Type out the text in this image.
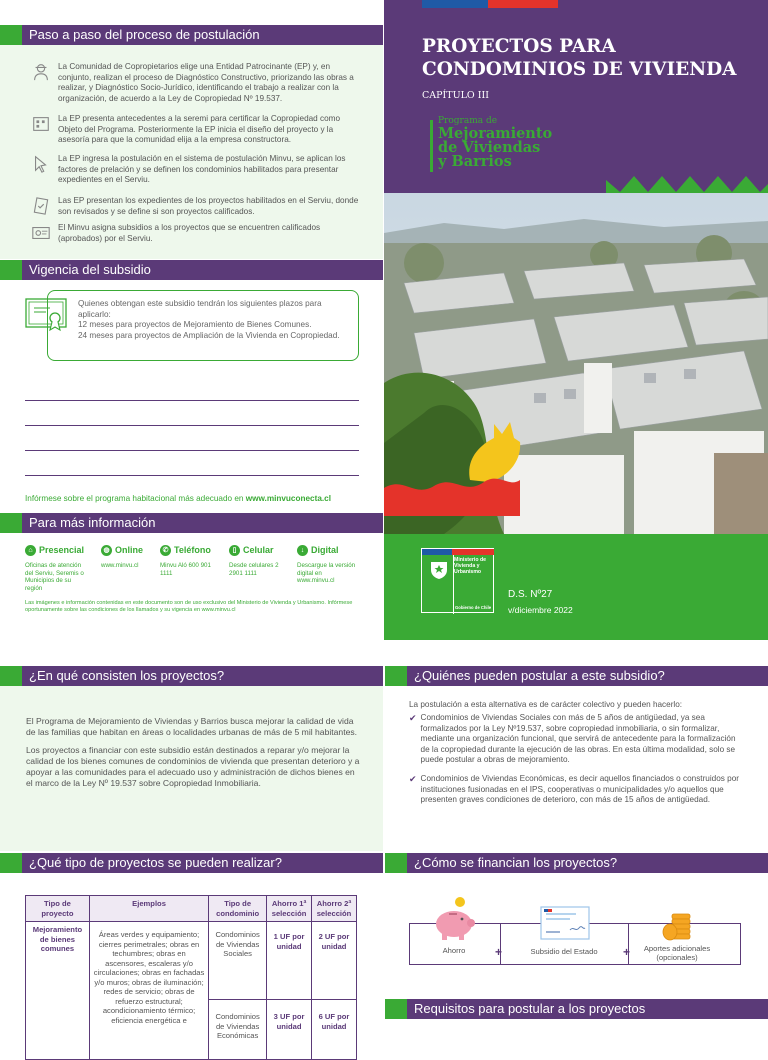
Paso a paso del proceso de postulación

La Comunidad de Copropietarios elige una Entidad Patrocinante (EP) y, en conjunto, realizan el proceso de Diagnóstico Constructivo, priorizando las obras a realizar, y Diagnóstico Socio-Jurídico, identificando el trabajo a realizar con la organización, de acuerdo a la Ley de Copropiedad Nº 19.537.

La EP presenta antecedentes a la seremi para certificar la Copropiedad como Objeto del Programa. Posteriormente la EP inicia el diseño del proyecto y la asesoría para que la comunidad elija a la empresa constructora.

La EP ingresa la postulación en el sistema de postulación Minvu, se aplican los factores de prelación y se definen los condominios habilitados para presentar expedientes en el Serviu.

Las EP presentan los expedientes de los proyectos habilitados en el Serviu, donde son revisados y se define si son proyectos calificados.

El Minvu asigna subsidios a los proyectos que se encuentren calificados (aprobados) por el Serviu.

Vigencia del subsidio

Quienes obtengan este subsidio tendrán los siguientes plazos para aplicarlo:

12 meses para proyectos de Mejoramiento de Bienes Comunes.

24 meses para proyectos de Ampliación de la Vivienda en Copropiedad.

Infórmese sobre el programa habitacional más adecuado en www.minvuconecta.cl

Para más información
⌂ Presencial

Oficinas de atención del Serviu, Seremis o Municipios de su región

◍ Online

www.minvu.cl

✆ Teléfono

Minvu Aló 600 901 1111

▯ Celular

Desde celulares 2 2901 1111

↓ Digital

Descargue la versión digital en www.minvu.cl

Las imágenes e información contenidas en este documento son de uso exclusivo del Ministerio de Vivienda y Urbanismo. Infórmese oportunamente sobre las condiciones de los llamados y su vigencia en www.minvu.cl

PROYECTOS PARA

CONDOMINIOS DE VIVIENDA

CAPÍTULO III

Programa de

Mejoramiento

de Viviendas

y Barrios

Ministerio de

Vivienda y

Urbanismo

Gobierno de Chile

D.S. Nº27

v/diciembre 2022

¿En qué consisten los proyectos?

El Programa de Mejoramiento de Viviendas y Barrios busca mejorar la calidad de vida de las familias que habitan en áreas o localidades urbanas de más de 5 mil habitantes.

Los proyectos a financiar con este subsidio están destinados a reparar y/o mejorar la calidad de los bienes comunes de condominios de vivienda que presentan deterioro y a apoyar a las comunidades para el adecuado uso y administración de dichos bienes en el marco de la Ley Nº 19.537 sobre Copropiedad Inmobiliaria.

¿Qué tipo de proyectos se pueden realizar?
Tipo de proyecto	Ejemplos	Tipo de condominio	Ahorro 1ª selección	Ahorro 2ª selección
Mejoramiento de bienes comunes	Áreas verdes y equipamiento; cierres perimetrales; obras en techumbres; obras en ascensores, escaleras y/o circulaciones; obras en fachadas y/o muros; obras de iluminación; redes de servicio; obras de refuerzo estructural; acondicionamiento térmico; eficiencia energética e	Condominios de Viviendas Sociales	1 UF por unidad	2 UF por unidad
		Condominios de Viviendas Económicas	3 UF por unidad	6 UF por unidad
¿Quiénes pueden postular a este subsidio?

La postulación a esta alternativa es de carácter colectivo y pueden hacerlo:

✔ Condominios de Viviendas Sociales con más de 5 años de antigüedad, ya sea formalizados por la Ley Nº19.537, sobre copropiedad inmobiliaria, o sin formalizar, mediante una organización funcional, que servirá de antecedente para la formalización de la copropiedad durante la ejecución de las obras. En esta última modalidad, solo se puede postular a obras de mejoramiento.

✔ Condominios de Viviendas Económicas, es decir aquellos financiados o construidos por instituciones fusionadas en el IPS, cooperativas o municipalidades y/o aquellos que presenten graves condiciones de deterioro, con más de 15 años de antigüedad.

¿Cómo se financian los proyectos?
+	+
Ahorro	Subsidio del Estado	Aportes adicionales (opcionales)
Requisitos para postular a los proyectos
